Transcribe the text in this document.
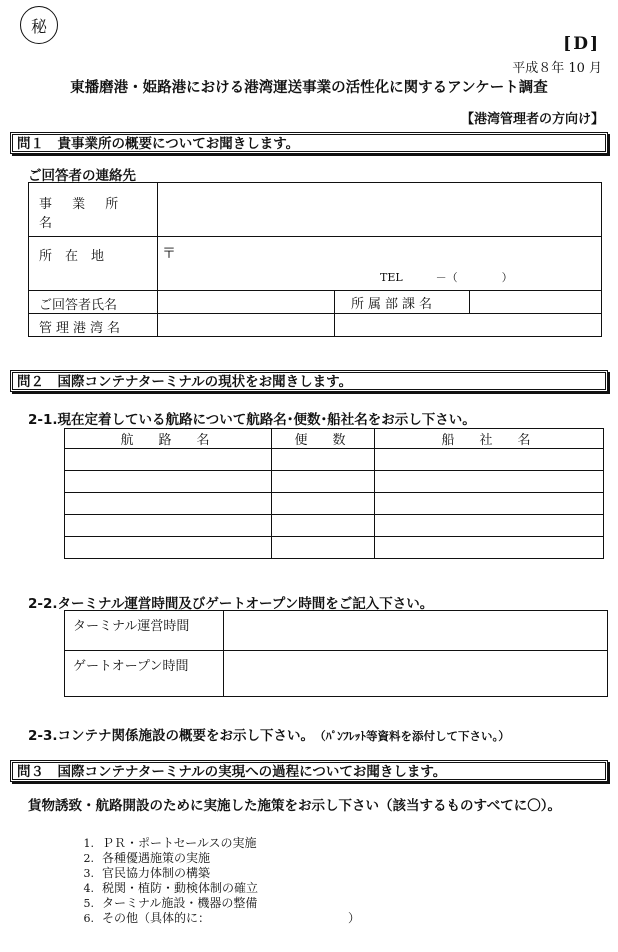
秘
[D]
平成８年 10 月
東播磨港・姫路港における港湾運送事業の活性化に関するアンケート調査
【港湾管理者の方向け】
問１　貴事業所の概要についてお聞きします。
ご回答者の連絡先
事 業 所 名			
所　在　地	〒
TEL　　　－（　　　　）		

ご回答者氏名		所属部課名	
管理港湾名			
問２　国際コンテナターミナルの現状をお聞きします。
2-1.現在定着している航路について航路名･便数･船社名をお示し下さい。
航　路　名	便　数	船　社　名

2-2.ターミナル運営時間及びゲートオープン時間をご記入下さい。
ターミナル運営時間	
ゲートオープン時間	
2-3.コンテナ関係施設の概要をお示し下さい。 （ﾊﾟﾝﾌﾚｯﾄ等資料を添付して下さい。）
問３　国際コンテナターミナルの実現への過程についてお聞きします。
貨物誘致・航路開設のために実施した施策をお示し下さい（該当するものすべてに〇）。
1. ＰＲ・ポートセールスの実施
2. 各種優遇施策の実施
3. 官民協力体制の構築
4. 税関・植防・動検体制の確立
5. ターミナル施設・機器の整備
6. その他（具体的に：　　　　　　　　　　　　）
